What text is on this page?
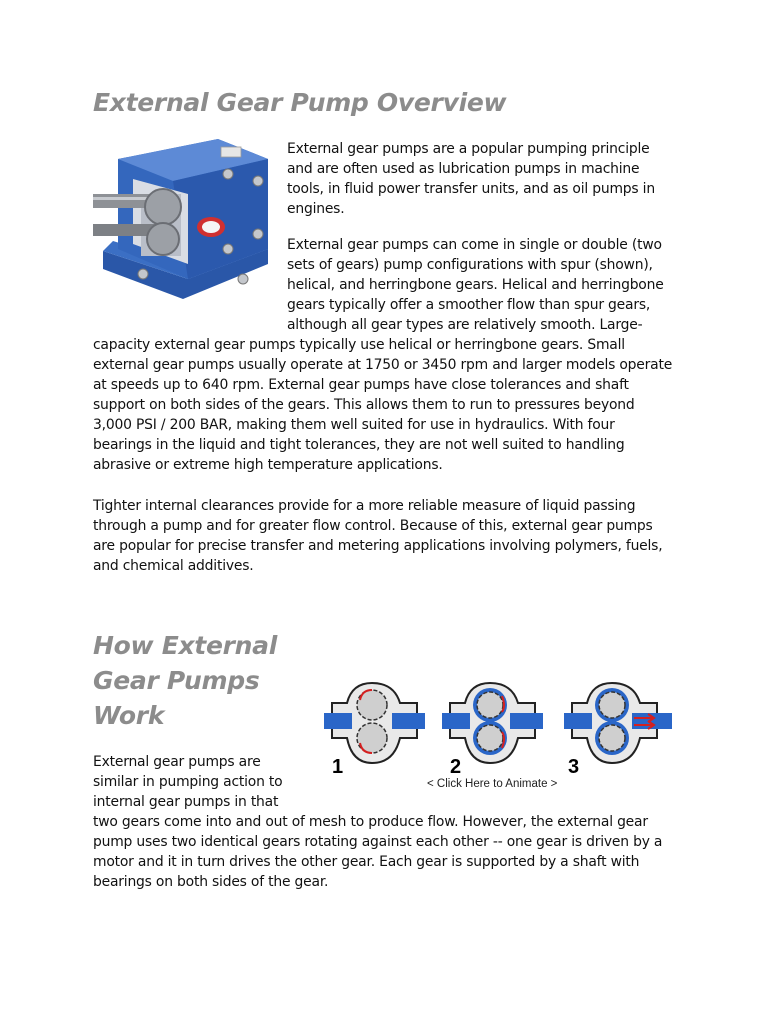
External Gear Pump Overview

External gear pumps are a popular pumping principle and are often used as lubrication pumps in machine tools, in fluid power transfer units, and as oil pumps in engines.

External gear pumps can come in single or double (two sets of gears) pump configurations with spur (shown), helical, and herringbone gears. Helical and herringbone gears typically offer a smoother flow than spur gears, although all gear types are relatively smooth. Large-capacity external gear pumps typically use helical or herringbone gears. Small external gear pumps usually operate at 1750 or 3450 rpm and larger models operate at speeds up to 640 rpm. External gear pumps have close tolerances and shaft support on both sides of the gears. This allows them to run to pressures beyond 3,000 PSI / 200 BAR, making them well suited for use in hydraulics. With four bearings in the liquid and tight tolerances, they are not well suited to handling abrasive or extreme high temperature applications.

Tighter internal clearances provide for a more reliable measure of liquid passing through a pump and for greater flow control. Because of this, external gear pumps are popular for precise transfer and metering applications involving polymers, fuels, and chemical additives.
How External Gear Pumps Work
1	2	3
< Click Here to Animate >
External gear pumps are similar in pumping action to internal gear pumps in that two gears come into and out of mesh to produce flow. However, the external gear pump uses two identical gears rotating against each other -- one gear is driven by a motor and it in turn drives the other gear. Each gear is supported by a shaft with bearings on both sides of the gear.
